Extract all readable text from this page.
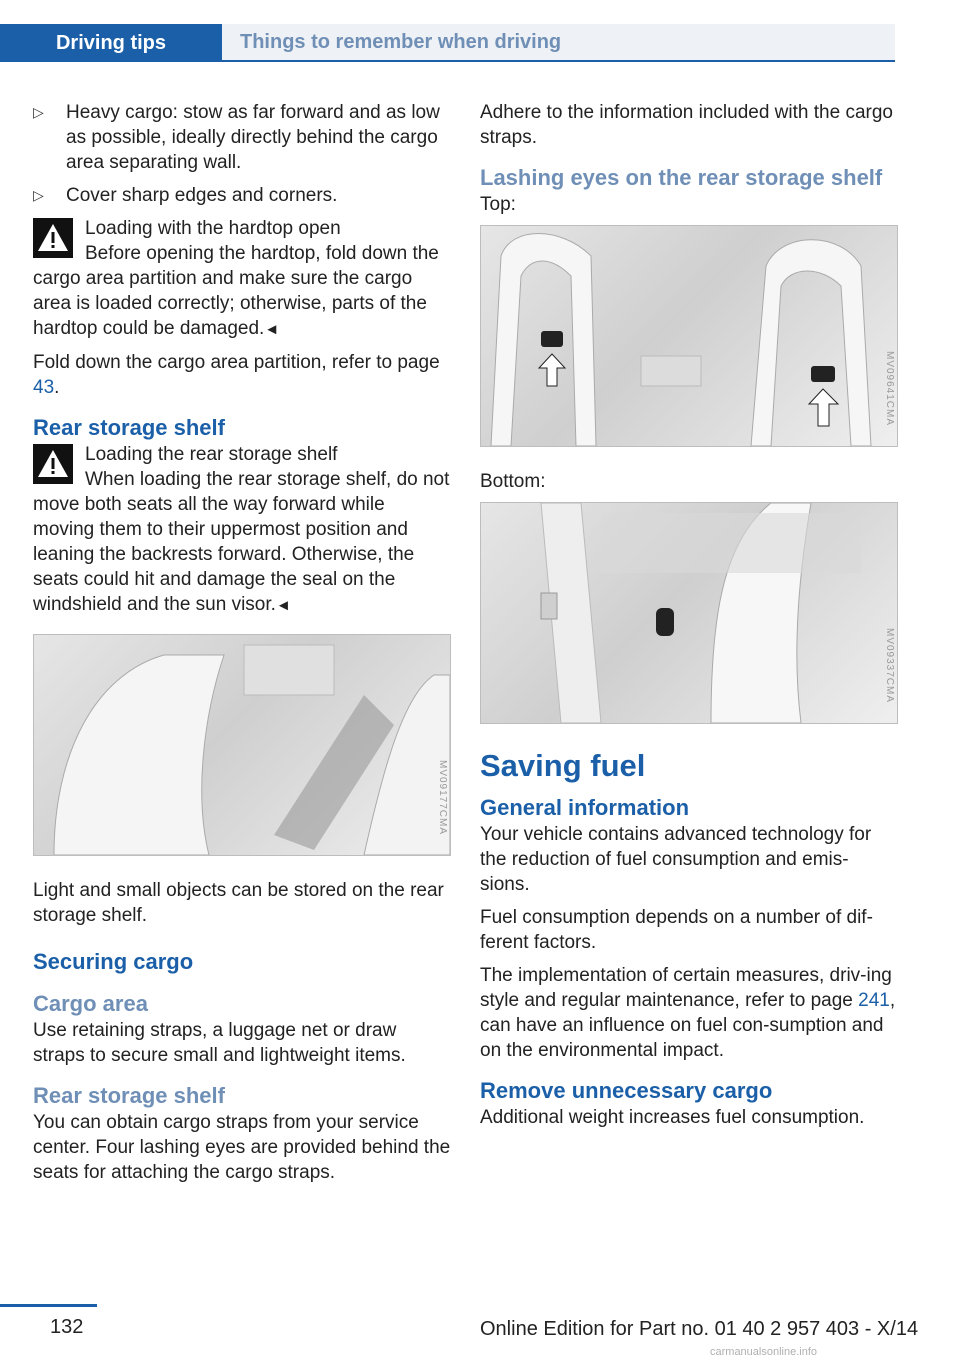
Driving tips	Things to remember when driving
▷ Heavy cargo: stow as far forward and as low as possible, ideally directly behind the cargo area separating wall.
▷ Cover sharp edges and corners.
Loading with the hardtop open
Before opening the hardtop, fold down the cargo area partition and make sure the cargo area is loaded correctly; otherwise, parts of the hardtop could be damaged.◄

Fold down the cargo area partition, refer to page 43.

Rear storage shelf
Loading the rear storage shelf
When loading the rear storage shelf, do not move both seats all the way forward while moving them to their uppermost position and leaning the backrests forward. Otherwise, the seats could hit and damage the seal on the windshield and the sun visor.◄
MV09177CMA

Light and small objects can be stored on the rear storage shelf.

Securing cargo
Cargo area

Use retaining straps, a luggage net or draw straps to secure small and lightweight items.

Rear storage shelf

You can obtain cargo straps from your service center. Four lashing eyes are provided behind the seats for attaching the cargo straps.

Adhere to the information included with the cargo straps.

Lashing eyes on the rear storage shelf

Top:

MV09641CMA

Bottom:

MV09337CMA
Saving fuel
General information

Your vehicle contains advanced technology for the reduction of fuel consumption and emis‐sions.

Fuel consumption depends on a number of dif‐ferent factors.

The implementation of certain measures, driv‐ing style and regular maintenance, refer to page 241, can have an influence on fuel con‐sumption and on the environmental impact.

Remove unnecessary cargo

Additional weight increases fuel consumption.

132	Online Edition for Part no. 01 40 2 957 403 - X/14
carmanualsonline.info
